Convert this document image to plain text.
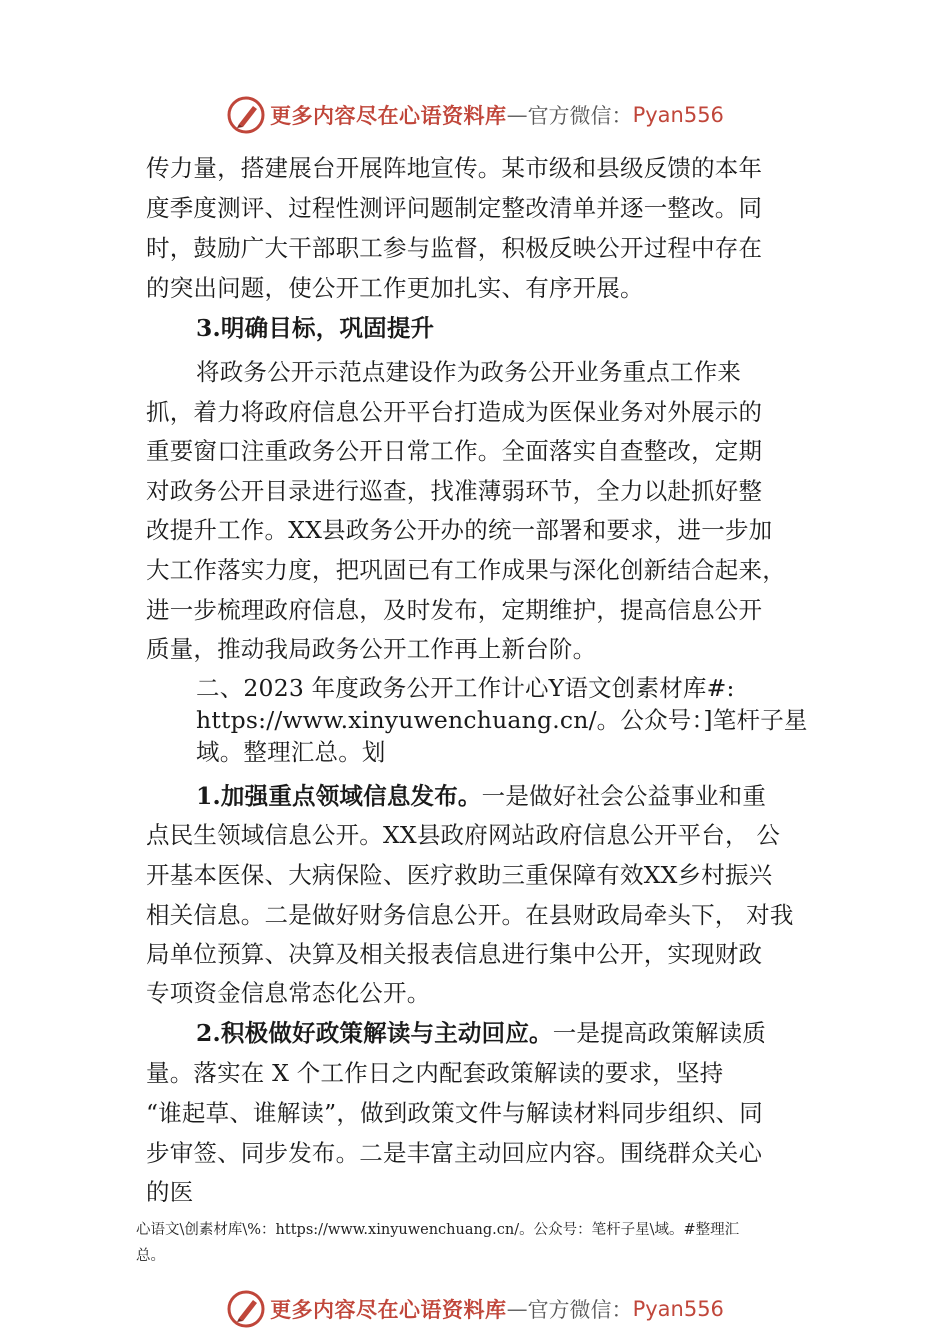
更多内容尽在心语资料库 — 官方微信： Pyan556

传力量，搭建展台开展阵地宣传。某市级和县级反馈的本年

度季度测评、过程性测评问题制定整改清单并逐一整改。同

时，鼓励广大干部职工参与监督，积极反映公开过程中存在

的突出问题，使公开工作更加扎实、有序开展。

3.明确目标，巩固提升

将政务公开示范点建设作为政务公开业务重点工作来

抓，着力将政府信息公开平台打造成为医保业务对外展示的

重要窗口注重政务公开日常工作。全面落实自查整改，定期

对政务公开目录进行巡查，找准薄弱环节，全力以赴抓好整

改提升工作。XX县政务公开办的统一部署和要求，进一步加

大工作落实力度，把巩固已有工作成果与深化创新结合起来，

进一步梳理政府信息，及时发布，定期维护，提高信息公开

质量，推动我局政务公开工作再上新台阶。

二、2023 年度政务公开工作计心Y语文创素材库#:

https://www.xinyuwenchuang.cn/。公众号：]笔杆子星

域。整理汇总。划

1.加强重点领域信息发布。一是做好社会公益事业和重

点民生领域信息公开。XX县政府网站政府信息公开平台， 公

开基本医保、大病保险、医疗救助三重保障有效XX乡村振兴

相关信息。二是做好财务信息公开。在县财政局牵头下， 对我

局单位预算、决算及相关报表信息进行集中公开，实现财政

专项资金信息常态化公开。

2.积极做好政策解读与主动回应。一是提高政策解读质

量。落实在 X 个工作日之内配套政策解读的要求，坚持

“谁起草、谁解读”，做到政策文件与解读材料同步组织、同

步审签、同步发布。二是丰富主动回应内容。围绕群众关心

的医

心语文\创素材库\%：https://www.xinyuwenchuang.cn/。公众号：笔杆子星\域。#整理汇

总。

更多内容尽在心语资料库 — 官方微信： Pyan556
